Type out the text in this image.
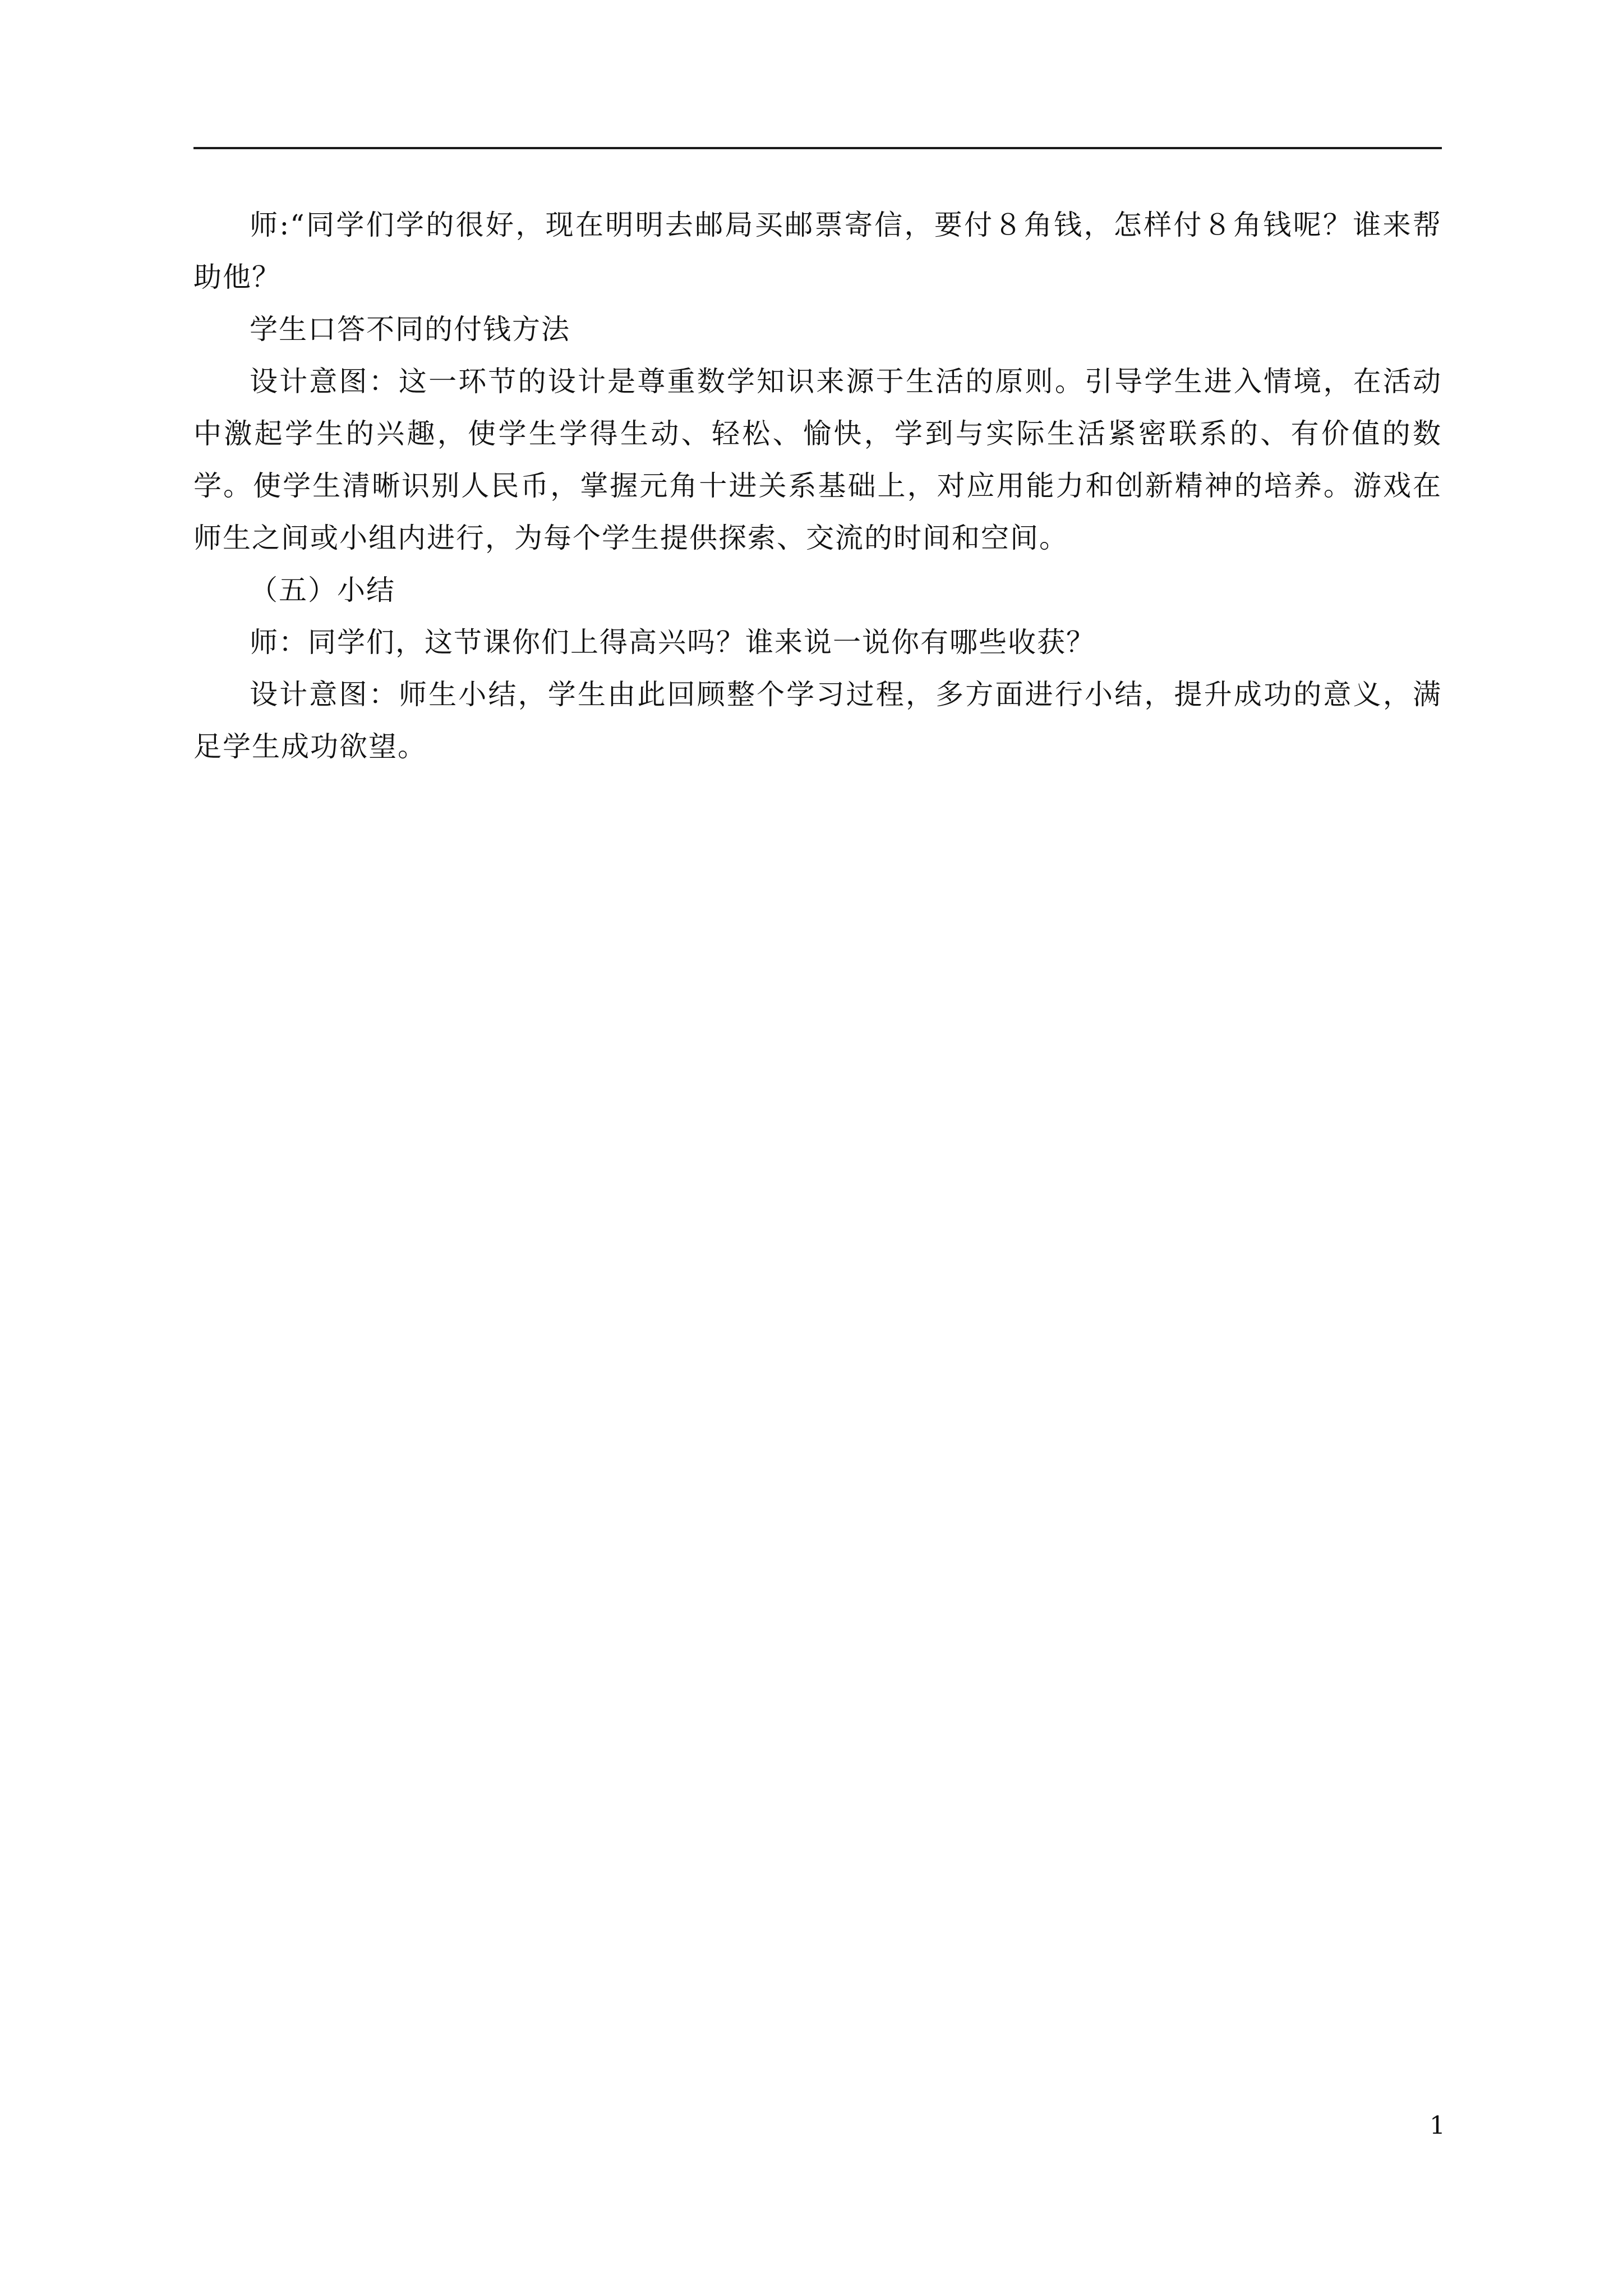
师:“同学们学的很好，现在明明去邮局买邮票寄信，要付８角钱，怎样付８角钱呢？谁来帮助他？

学生口答不同的付钱方法

设计意图：这一环节的设计是尊重数学知识来源于生活的原则。引导学生进入情境，在活动中激起学生的兴趣，使学生学得生动、轻松、愉快，学到与实际生活紧密联系的、有价值的数学。使学生清晰识别人民币，掌握元角十进关系基础上，对应用能力和创新精神的培养。游戏在师生之间或小组内进行，为每个学生提供探索、交流的时间和空间。

（五）小结

师：同学们，这节课你们上得高兴吗？谁来说一说你有哪些收获？

设计意图：师生小结，学生由此回顾整个学习过程，多方面进行小结，提升成功的意义，满足学生成功欲望。

1
